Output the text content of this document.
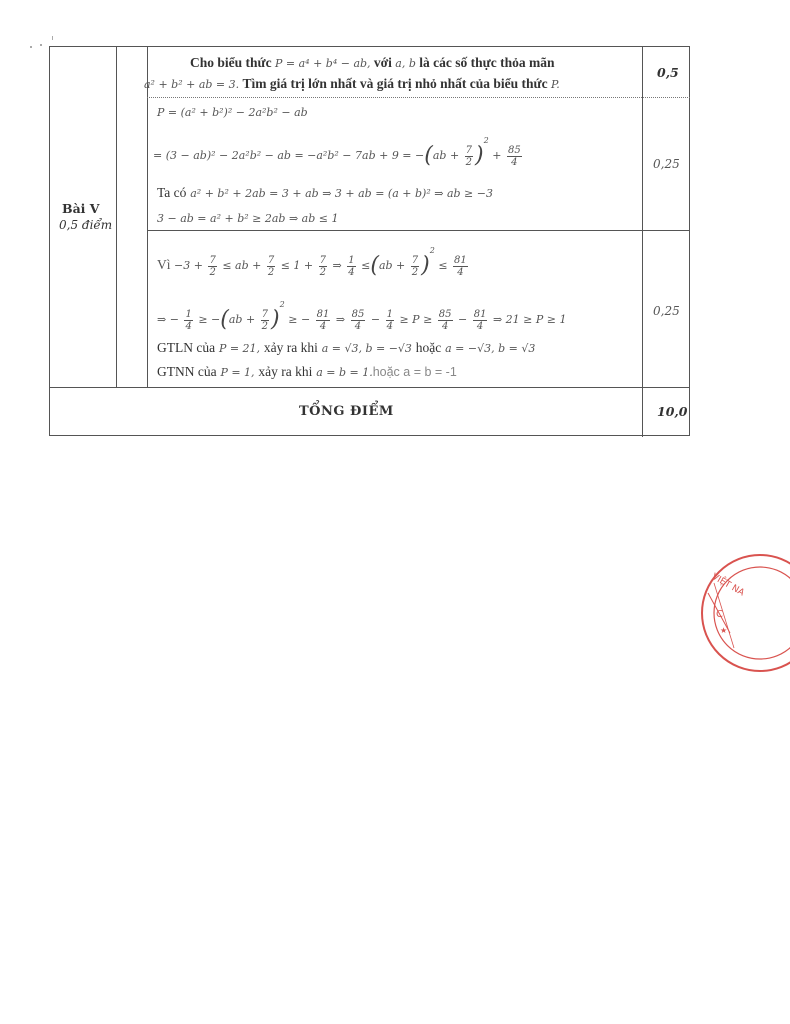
Bài V
0,5 điểm
Cho biểu thức P = a⁴ + b⁴ − ab, với a, b là các số thực thỏa mãn
a² + b² + ab = 3. Tìm giá trị lớn nhất và giá trị nhỏ nhất của biểu thức P.
0,5
P = (a² + b²)² − 2a²b² − ab
= (3 − ab)² − 2a²b² − ab = $-a^2b^2 - 7ab + 9 = -(ab + \frac{7}{2} )^2 + \frac{85}{4}$
Ta có a² + b² + 2ab = 3 + ab ⇒ 3 + ab = (a + b)² ⇒ ab ≥ −3
3 − ab = a² + b² ≥ 2ab ⇒ ab ≤ 1
0,25
Vì $-3 + \frac{7}{2}$ ≤ ab + $\frac{7}{2} \le 1 + \frac{7}{2}$ ⇒ $\frac{1}{4} \le(ab + \frac{7}{2} )^2 \le \frac{81}{4}$
⇒ − $\frac{1}{4} \ge -(ab + \frac{7}{2} )^2$ ≥ − $\frac{81}{4}$ ⇒ $\frac{85}{4} - \frac{1}{4} \ge P \ge \frac{85}{4} - \frac{81}{4}$ ⇒ 21 ≥ P ≥ 1
0,25
GTLN của P = 21, xảy ra khi a = √3, b = −√3 hoặc a = −√3, b = √3
GTNN của P = 1, xảy ra khi a = b = 1.hoặc a = b = -1
TỔNG ĐIỂM	10,0
VIỆT NA
C
★
